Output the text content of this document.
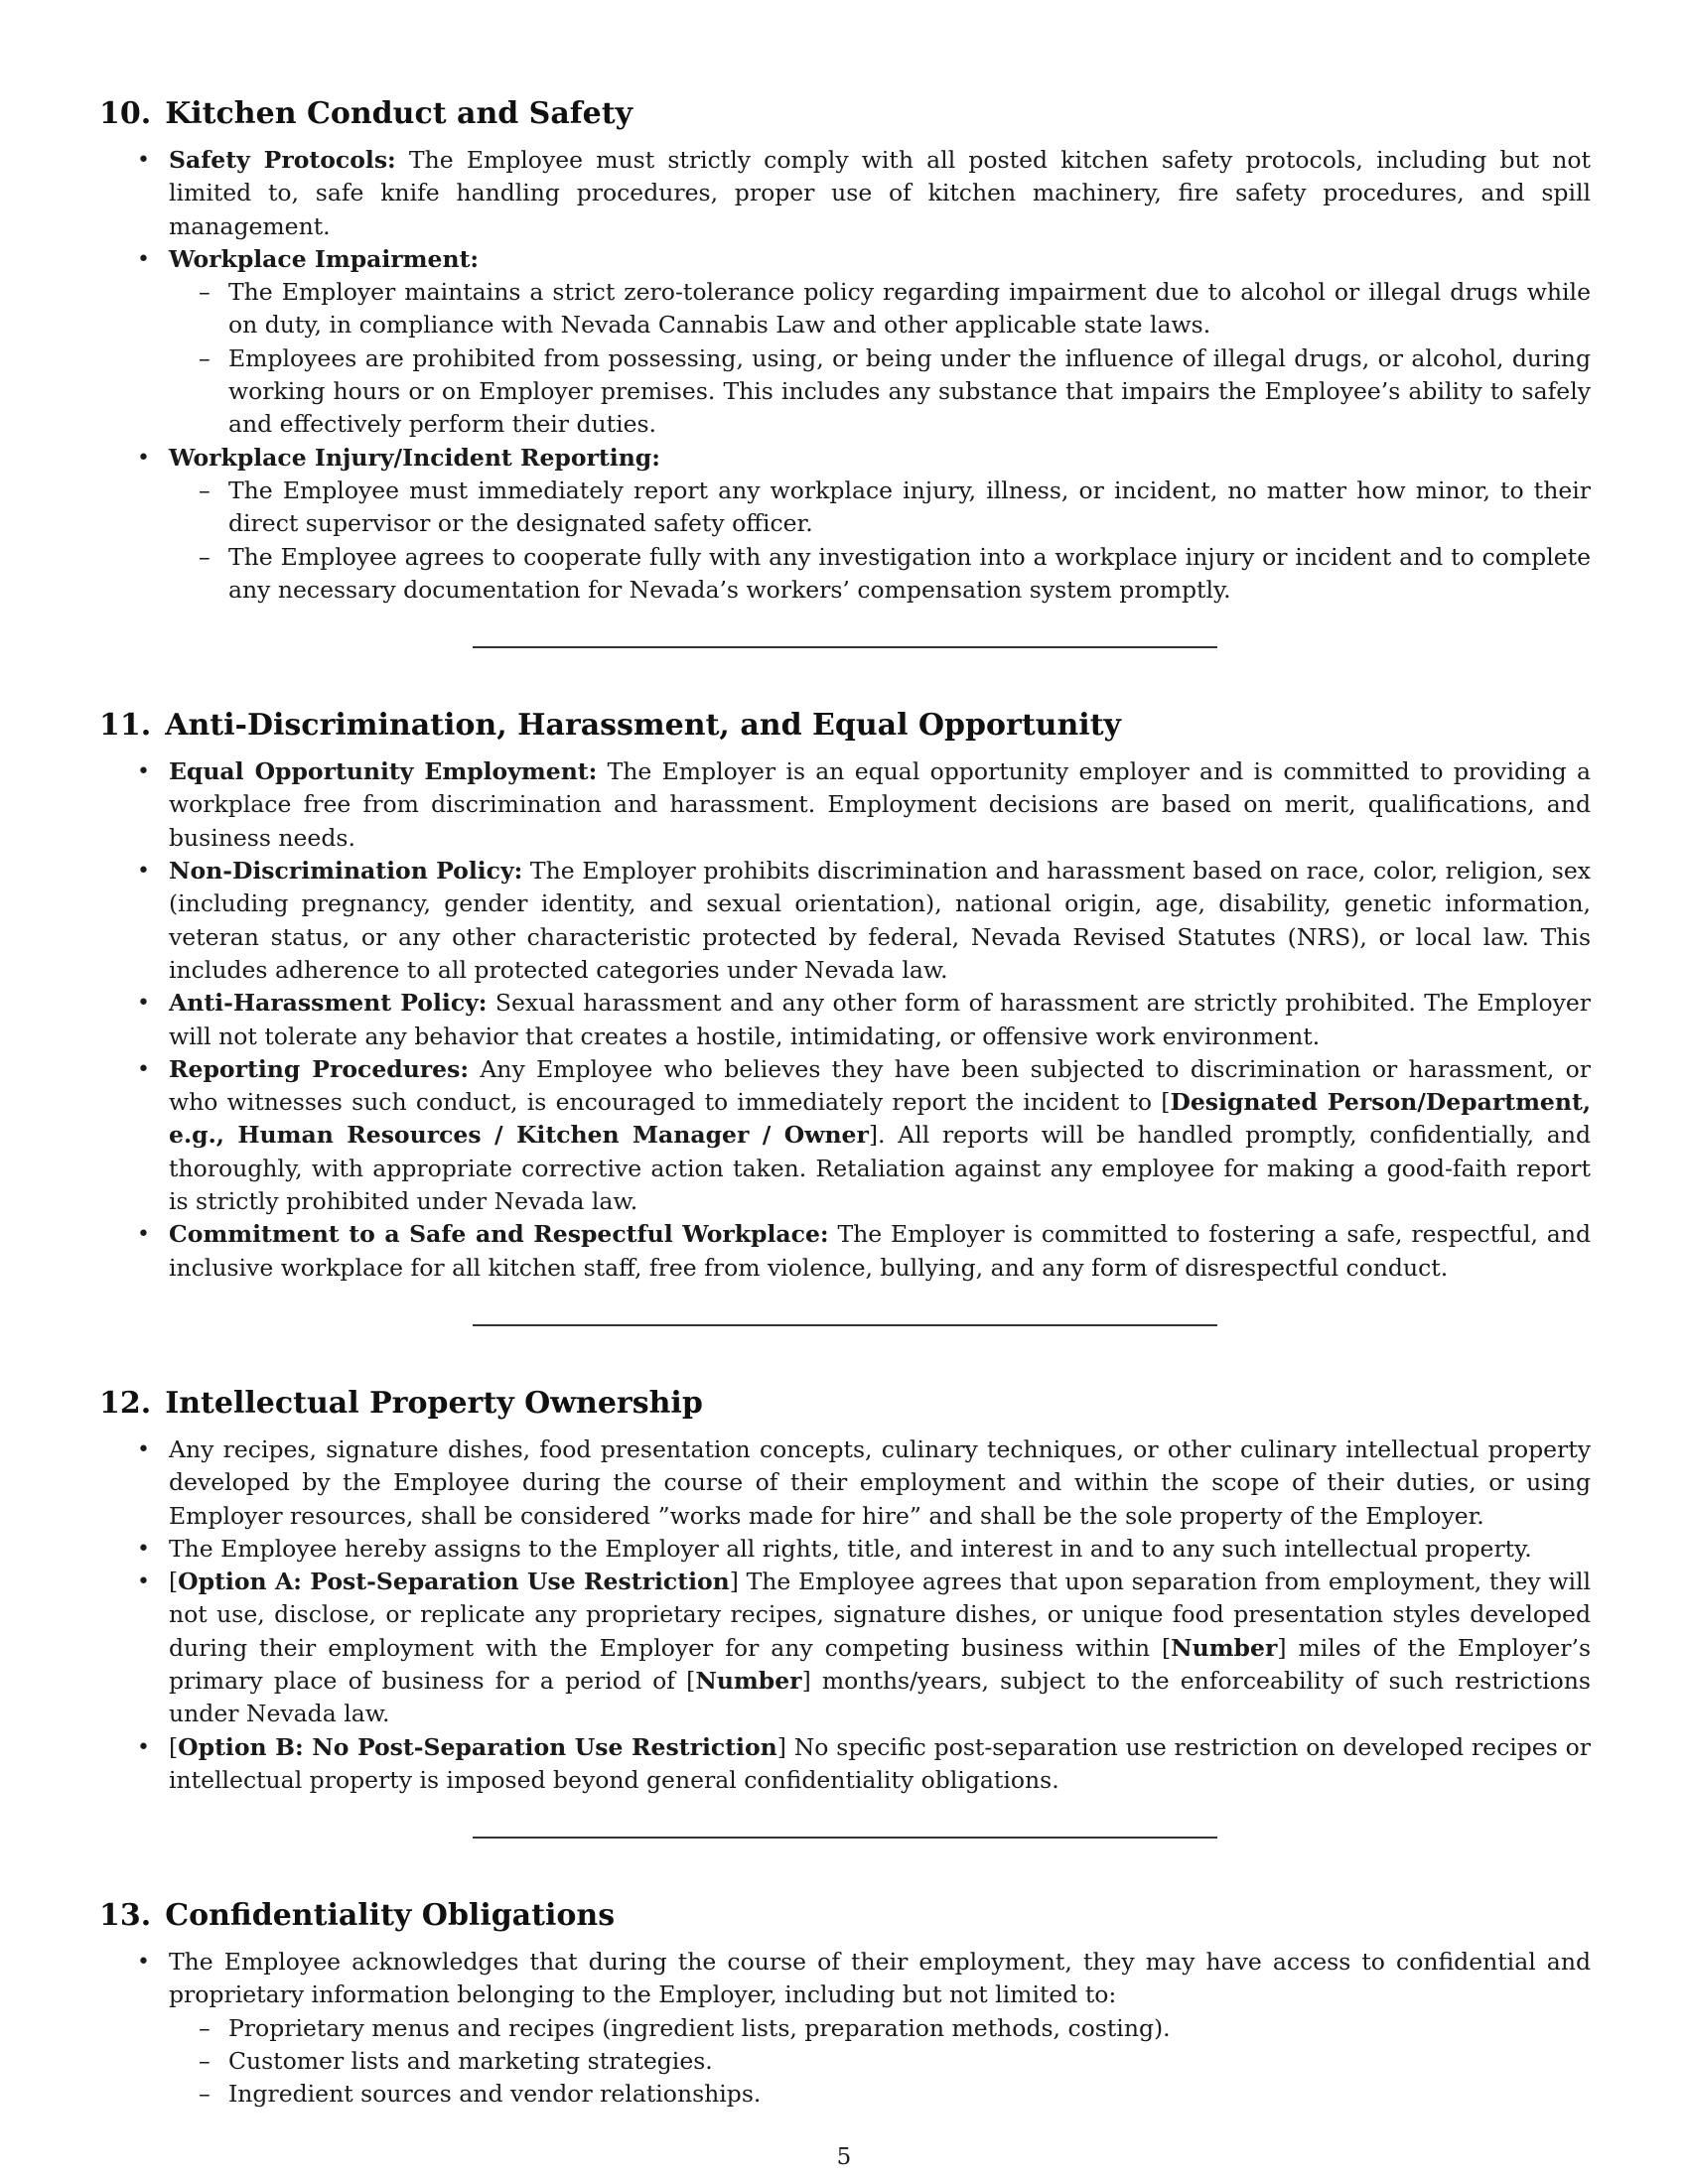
10. Kitchen Conduct and Safety
• Safety Protocols: The Employee must strictly comply with all posted kitchen safety protocols, including but not limited to, safe knife handling procedures, proper use of kitchen machinery, fire safety procedures, and spill management.
• Workplace Impairment:
– The Employer maintains a strict zero-tolerance policy regarding impairment due to alcohol or illegal drugs while on duty, in compliance with Nevada Cannabis Law and other applicable state laws.
– Employees are prohibited from possessing, using, or being under the influence of illegal drugs, or alcohol, during working hours or on Employer premises. This includes any substance that impairs the Employee’s ability to safely and effectively perform their duties.
• Workplace Injury/Incident Reporting:
– The Employee must immediately report any workplace injury, illness, or incident, no matter how minor, to their direct supervisor or the designated safety officer.
– The Employee agrees to cooperate fully with any investigation into a workplace injury or incident and to complete any necessary documentation for Nevada’s workers’ compensation system promptly.
11. Anti-Discrimination, Harassment, and Equal Opportunity
• Equal Opportunity Employment: The Employer is an equal opportunity employer and is committed to providing a workplace free from discrimination and harassment. Employment decisions are based on merit, qualifications, and business needs.
• Non-Discrimination Policy: The Employer prohibits discrimination and harassment based on race, color, religion, sex (including pregnancy, gender identity, and sexual orientation), national origin, age, disability, genetic information, veteran status, or any other characteristic protected by federal, Nevada Revised Statutes (NRS), or local law. This includes adherence to all protected categories under Nevada law.
• Anti-Harassment Policy: Sexual harassment and any other form of harassment are strictly prohibited. The Employer will not tolerate any behavior that creates a hostile, intimidating, or offensive work environment.
• Reporting Procedures: Any Employee who believes they have been subjected to discrimination or harassment, or who witnesses such conduct, is encouraged to immediately report the incident to [Designated Person/Department, e.g., Human Resources / Kitchen Manager / Owner]. All reports will be handled promptly, confidentially, and thoroughly, with appropriate corrective action taken. Retaliation against any employee for making a good-faith report is strictly prohibited under Nevada law.
• Commitment to a Safe and Respectful Workplace: The Employer is committed to fostering a safe, respectful, and inclusive workplace for all kitchen staff, free from violence, bullying, and any form of disrespectful conduct.
12. Intellectual Property Ownership
• Any recipes, signature dishes, food presentation concepts, culinary techniques, or other culinary intellectual property developed by the Employee during the course of their employment and within the scope of their duties, or using Employer resources, shall be considered ”works made for hire” and shall be the sole property of the Employer.
• The Employee hereby assigns to the Employer all rights, title, and interest in and to any such intellectual property.
• [Option A: Post-Separation Use Restriction] The Employee agrees that upon separation from employment, they will not use, disclose, or replicate any proprietary recipes, signature dishes, or unique food presentation styles developed during their employment with the Employer for any competing business within [Number] miles of the Employer’s primary place of business for a period of [Number] months/years, subject to the enforceability of such restrictions under Nevada law.
• [Option B: No Post-Separation Use Restriction] No specific post-separation use restriction on developed recipes or intellectual property is imposed beyond general confidentiality obligations.
13. Confidentiality Obligations
• The Employee acknowledges that during the course of their employment, they may have access to confidential and proprietary information belonging to the Employer, including but not limited to:
– Proprietary menus and recipes (ingredient lists, preparation methods, costing).
– Customer lists and marketing strategies.
– Ingredient sources and vendor relationships.
5
